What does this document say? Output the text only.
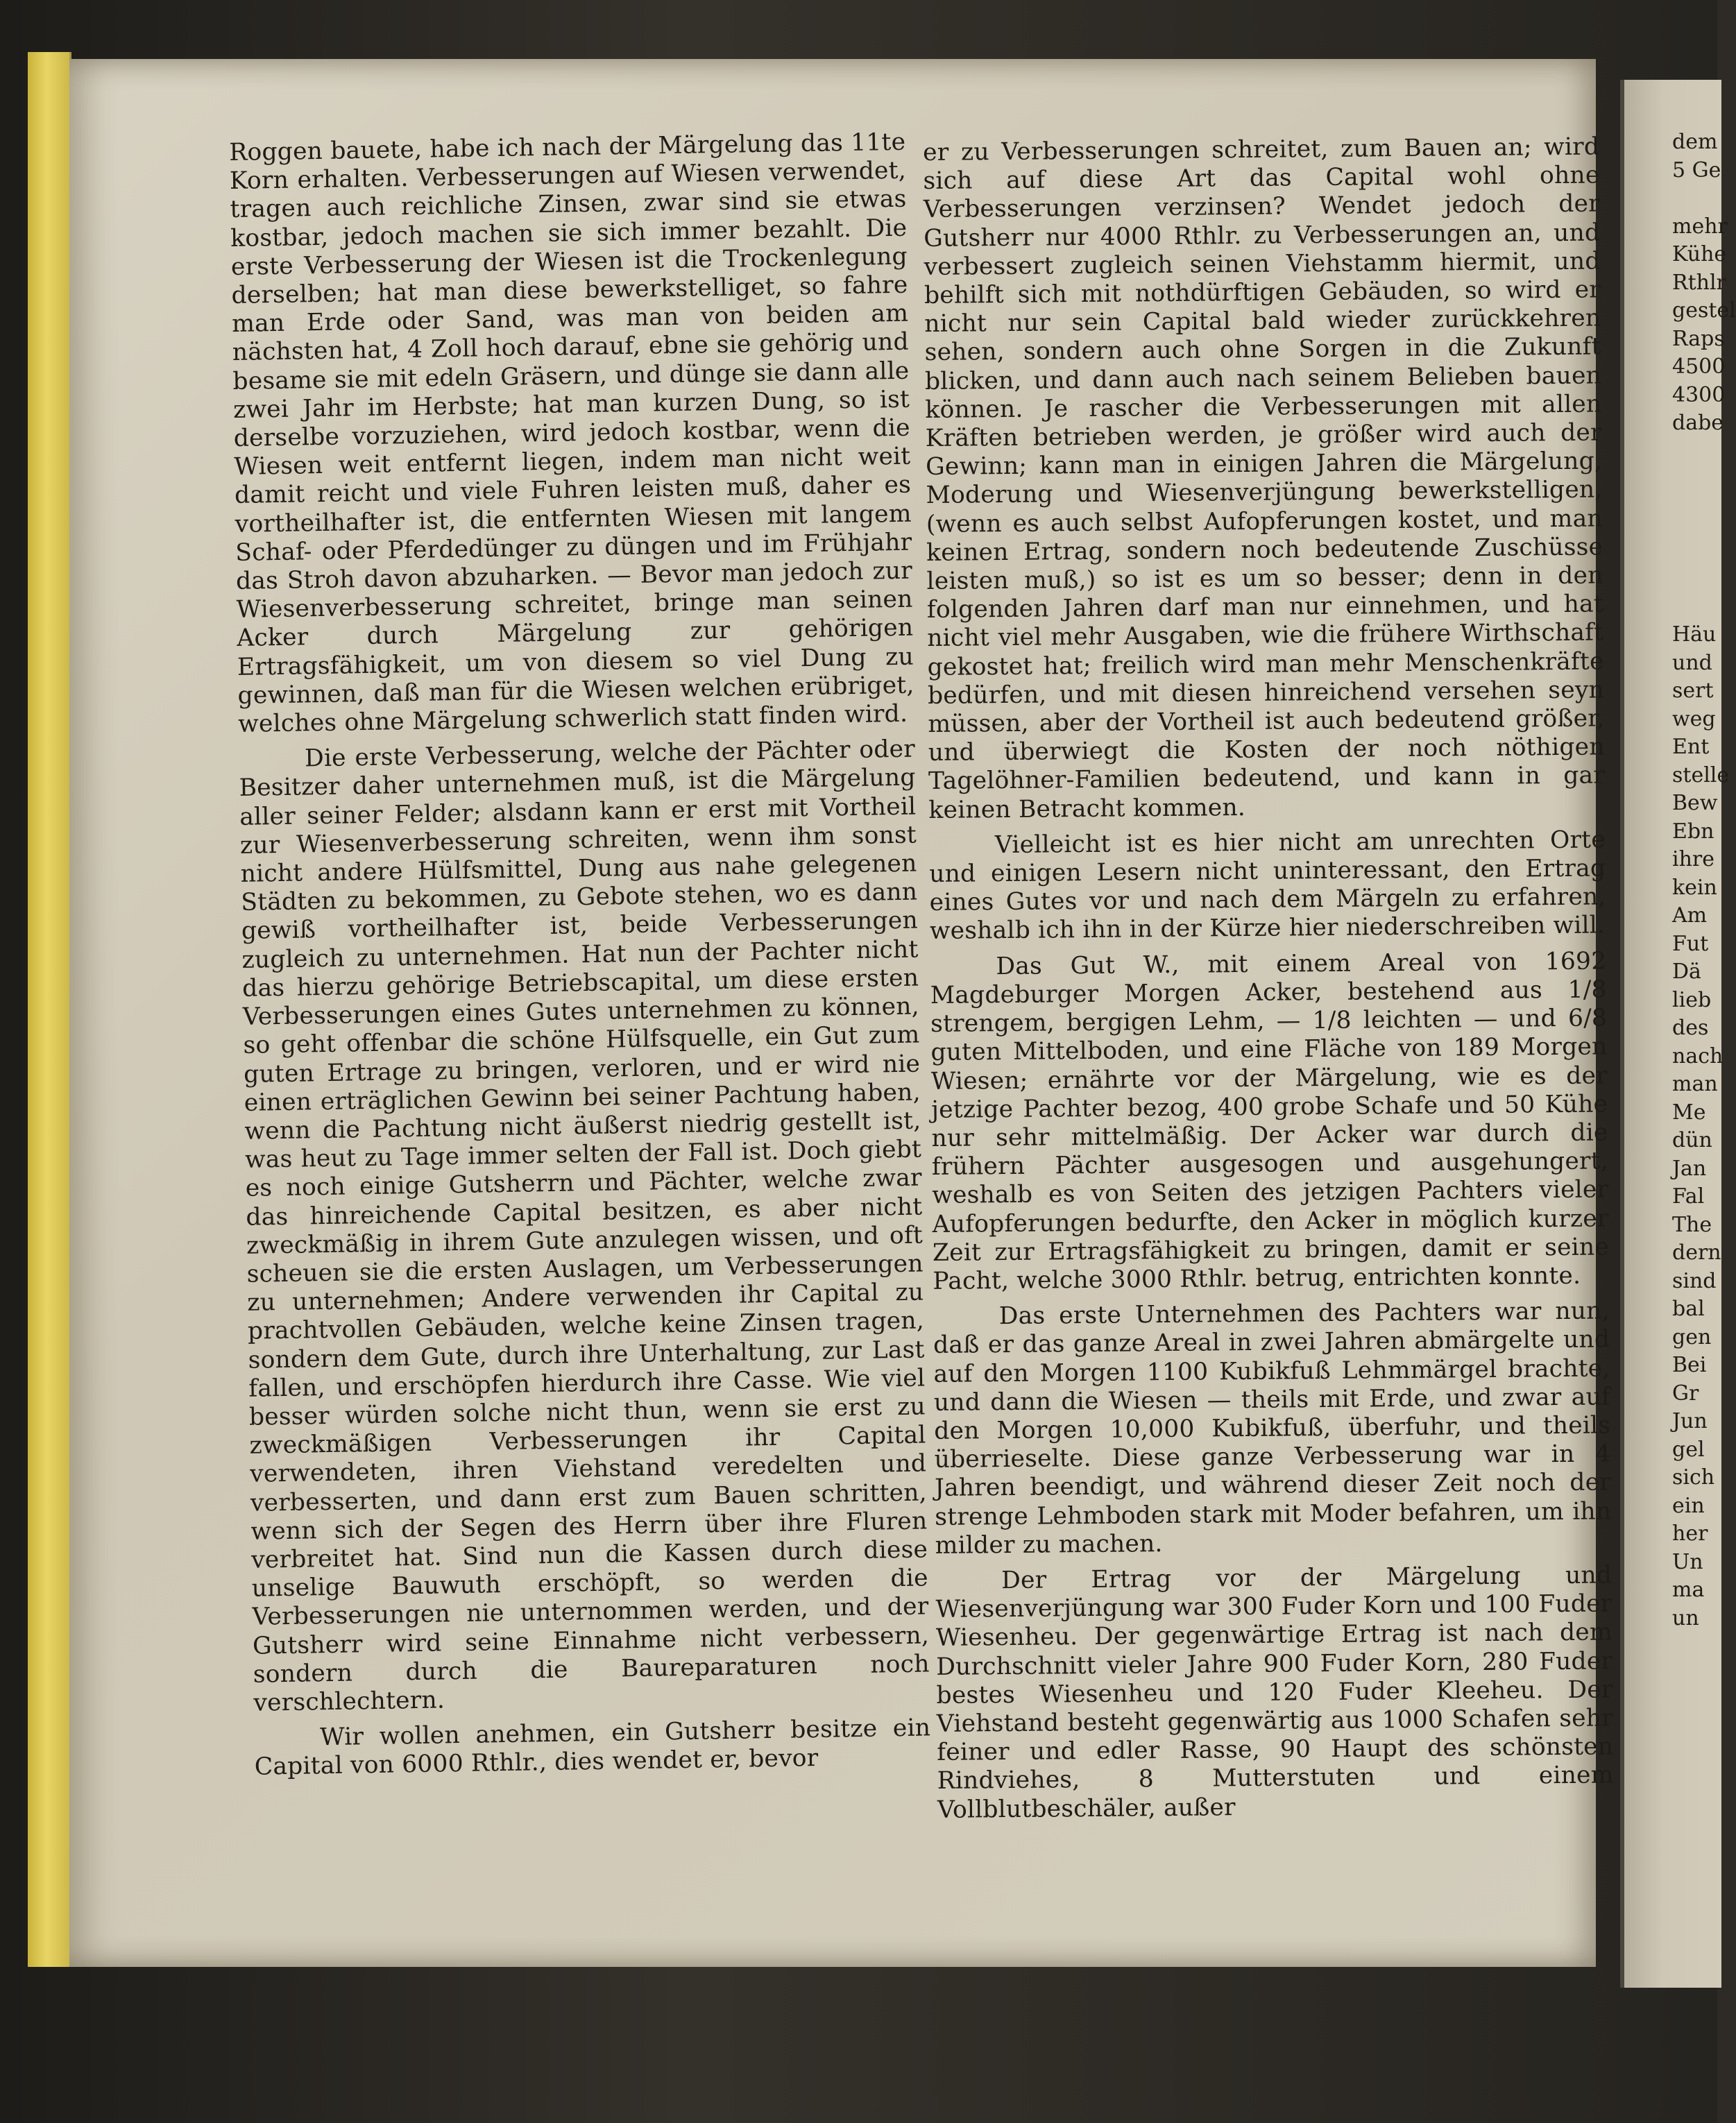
Roggen bauete, habe ich nach der Märgelung das 11te Korn erhalten. Verbesserungen auf Wiesen verwendet, tragen auch reichliche Zinsen, zwar sind sie etwas kostbar, jedoch machen sie sich immer bezahlt. Die erste Verbesserung der Wiesen ist die Trockenlegung derselben; hat man diese bewerkstelliget, so fahre man Erde oder Sand, was man von beiden am nächsten hat, 4 Zoll hoch darauf, ebne sie gehörig und besame sie mit edeln Gräsern, und dünge sie dann alle zwei Jahr im Herbste; hat man kurzen Dung, so ist derselbe vorzuziehen, wird jedoch kostbar, wenn die Wiesen weit entfernt liegen, indem man nicht weit damit reicht und viele Fuhren leisten muß, daher es vortheilhafter ist, die entfernten Wiesen mit langem Schaf- oder Pferdedünger zu düngen und im Frühjahr das Stroh davon abzuharken. — Bevor man jedoch zur Wiesenverbesserung schreitet, bringe man seinen Acker durch Märgelung zur gehörigen Ertragsfähigkeit, um von diesem so viel Dung zu gewinnen, daß man für die Wiesen welchen erübriget, welches ohne Märgelung schwerlich statt finden wird.

Die erste Verbesserung, welche der Pächter oder Besitzer daher unternehmen muß, ist die Märgelung aller seiner Felder; alsdann kann er erst mit Vortheil zur Wiesenverbesserung schreiten, wenn ihm sonst nicht andere Hülfsmittel, Dung aus nahe gelegenen Städten zu bekommen, zu Gebote stehen, wo es dann gewiß vortheilhafter ist, beide Verbesserungen zugleich zu unternehmen. Hat nun der Pachter nicht das hierzu gehörige Betriebscapital, um diese ersten Verbesserungen eines Gutes unternehmen zu können, so geht offenbar die schöne Hülfsquelle, ein Gut zum guten Ertrage zu bringen, verloren, und er wird nie einen erträglichen Gewinn bei seiner Pachtung haben, wenn die Pachtung nicht äußerst niedrig gestellt ist, was heut zu Tage immer selten der Fall ist. Doch giebt es noch einige Gutsherrn und Pächter, welche zwar das hinreichende Capital besitzen, es aber nicht zweckmäßig in ihrem Gute anzulegen wissen, und oft scheuen sie die ersten Auslagen, um Verbesserungen zu unternehmen; Andere verwenden ihr Capital zu prachtvollen Gebäuden, welche keine Zinsen tragen, sondern dem Gute, durch ihre Unterhaltung, zur Last fallen, und erschöpfen hierdurch ihre Casse. Wie viel besser würden solche nicht thun, wenn sie erst zu zweckmäßigen Verbesserungen ihr Capital verwendeten, ihren Viehstand veredelten und verbesserten, und dann erst zum Bauen schritten, wenn sich der Segen des Herrn über ihre Fluren verbreitet hat. Sind nun die Kassen durch diese unselige Bauwuth erschöpft, so werden die Verbesserungen nie unternommen werden, und der Gutsherr wird seine Einnahme nicht verbessern, sondern durch die Baureparaturen noch verschlechtern.

Wir wollen anehmen, ein Gutsherr besitze ein Capital von 6000 Rthlr., dies wendet er, bevor

er zu Verbesserungen schreitet, zum Bauen an; wird sich auf diese Art das Capital wohl ohne Verbesserungen verzinsen? Wendet jedoch der Gutsherr nur 4000 Rthlr. zu Verbesserungen an, und verbessert zugleich seinen Viehstamm hiermit, und behilft sich mit nothdürftigen Gebäuden, so wird er nicht nur sein Capital bald wieder zurückkehren sehen, sondern auch ohne Sorgen in die Zukunft blicken, und dann auch nach seinem Belieben bauen können. Je rascher die Verbesserungen mit allen Kräften betrieben werden, je größer wird auch der Gewinn; kann man in einigen Jahren die Märgelung, Moderung und Wiesenverjüngung bewerkstelligen, (wenn es auch selbst Aufopferungen kostet, und man keinen Ertrag, sondern noch bedeutende Zuschüsse leisten muß,) so ist es um so besser; denn in den folgenden Jahren darf man nur einnehmen, und hat nicht viel mehr Ausgaben, wie die frühere Wirthschaft gekostet hat; freilich wird man mehr Menschenkräfte bedürfen, und mit diesen hinreichend versehen seyn müssen, aber der Vortheil ist auch bedeutend größer, und überwiegt die Kosten der noch nöthigen Tagelöhner-Familien bedeutend, und kann in gar keinen Betracht kommen.

Vielleicht ist es hier nicht am unrechten Orte und einigen Lesern nicht uninteressant, den Ertrag eines Gutes vor und nach dem Märgeln zu erfahren, weshalb ich ihn in der Kürze hier niederschreiben will.

Das Gut W., mit einem Areal von 1692 Magdeburger Morgen Acker, bestehend aus 1/8 strengem, bergigen Lehm, — 1/8 leichten — und 6/8 guten Mittelboden, und eine Fläche von 189 Morgen Wiesen; ernährte vor der Märgelung, wie es der jetzige Pachter bezog, 400 grobe Schafe und 50 Kühe nur sehr mittelmäßig. Der Acker war durch die frühern Pächter ausgesogen und ausgehungert, weshalb es von Seiten des jetzigen Pachters vieler Aufopferungen bedurfte, den Acker in möglich kurzer Zeit zur Ertragsfähigkeit zu bringen, damit er seine Pacht, welche 3000 Rthlr. betrug, entrichten konnte.

Das erste Unternehmen des Pachters war nun, daß er das ganze Areal in zwei Jahren abmärgelte und auf den Morgen 1100 Kubikfuß Lehmmärgel brachte, und dann die Wiesen — theils mit Erde, und zwar auf den Morgen 10,000 Kubikfuß, überfuhr, und theils überrieselte. Diese ganze Verbesserung war in 4 Jahren beendigt, und während dieser Zeit noch der strenge Lehmboden stark mit Moder befahren, um ihn milder zu machen.

Der Ertrag vor der Märgelung und Wiesenverjüngung war 300 Fuder Korn und 100 Fuder Wiesenheu. Der gegenwärtige Ertrag ist nach dem Durchschnitt vieler Jahre 900 Fuder Korn, 280 Fuder bestes Wiesenheu und 120 Fuder Kleeheu. Der Viehstand besteht gegenwärtig aus 1000 Schafen sehr feiner und edler Rasse, 90 Haupt des schönsten Rindviehes, 8 Mutterstuten und einem Vollblutbeschäler, außer

dem
5 Ge
mehr
Kühe
Rthlr
gestel
Raps
4500
4300
dabe
Häu
und
sert
weg
Ent
stelle
Bew
Ebn
ihre
kein
Am
Fut
Dä
lieb
des
nach
man
Me
dün
Jan
Fal
The
dern
sind
bal
gen
Bei
Gr
Jun
gel
sich
ein
her
Un
ma
un
